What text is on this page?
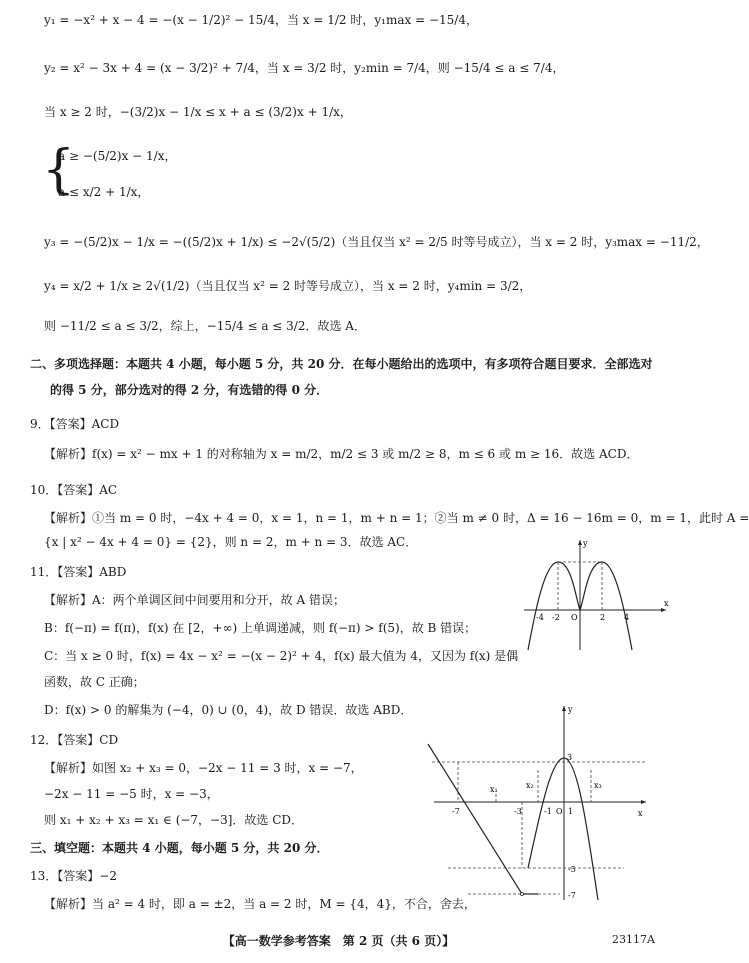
y₁ = −x² + x − 4 = −(x − 1/2)² − 15/4，当 x = 1/2 时，y₁max = −15/4，
y₂ = x² − 3x + 4 = (x − 3/2)² + 7/4，当 x = 3/2 时，y₂min = 7/4，则 −15/4 ≤ a ≤ 7/4，
当 x ≥ 2 时，−(3/2)x − 1/x ≤ x + a ≤ (3/2)x + 1/x，
{
a ≥ −(5/2)x − 1/x，
a ≤ x/2 + 1/x，
y₃ = −(5/2)x − 1/x = −((5/2)x + 1/x) ≤ −2√(5/2)（当且仅当 x² = 2/5 时等号成立），当 x = 2 时，y₃max = −11/2，
y₄ = x/2 + 1/x ≥ 2√(1/2)（当且仅当 x² = 2 时等号成立），当 x = 2 时，y₄min = 3/2，
则 −11/2 ≤ a ≤ 3/2，综上，−15/4 ≤ a ≤ 3/2．故选 A．
二、多项选择题：本题共 4 小题，每小题 5 分，共 20 分．在每小题给出的选项中，有多项符合题目要求．全部选对
的得 5 分，部分选对的得 2 分，有选错的得 0 分．
9．【答案】ACD
【解析】f(x) = x² − mx + 1 的对称轴为 x = m/2，m/2 ≤ 3 或 m/2 ≥ 8，m ≤ 6 或 m ≥ 16．故选 ACD．
10．【答案】AC
【解析】①当 m = 0 时，−4x + 4 = 0，x = 1，n = 1，m + n = 1；②当 m ≠ 0 时，Δ = 16 − 16m = 0，m = 1，此时 A =
{x | x² − 4x + 4 = 0} = {2}，则 n = 2，m + n = 3．故选 AC．
11．【答案】ABD
【解析】A：两个单调区间中间要用和分开，故 A 错误；
B：f(−π) = f(π)，f(x) 在 [2，+∞) 上单调递减，则 f(−π) > f(5)，故 B 错误；
C：当 x ≥ 0 时，f(x) = 4x − x² = −(x − 2)² + 4，f(x) 最大值为 4，又因为 f(x) 是偶
函数，故 C 正确；
D：f(x) > 0 的解集为 (−4，0) ∪ (0，4)，故 D 错误．故选 ABD．
x
y
-4 -2 O	2 4
12．【答案】CD
【解析】如图 x₂ + x₃ = 0，−2x − 11 = 3 时，x = −7，
−2x − 11 = −5 时，x = −3，
则 x₁ + x₂ + x₃ = x₁ ∈ (−7，−3]．故选 CD．	x
y
-7	-3	-1 O 1
3
-5
-7
x₁	x₂	x₃
三、填空题：本题共 4 小题，每小题 5 分，共 20 分．
13．【答案】−2
【解析】当 a² = 4 时，即 a = ±2，当 a = 2 时，M = {4，4}，不合，舍去，
【高一数学参考答案　第 2 页（共 6 页）】	23117A
